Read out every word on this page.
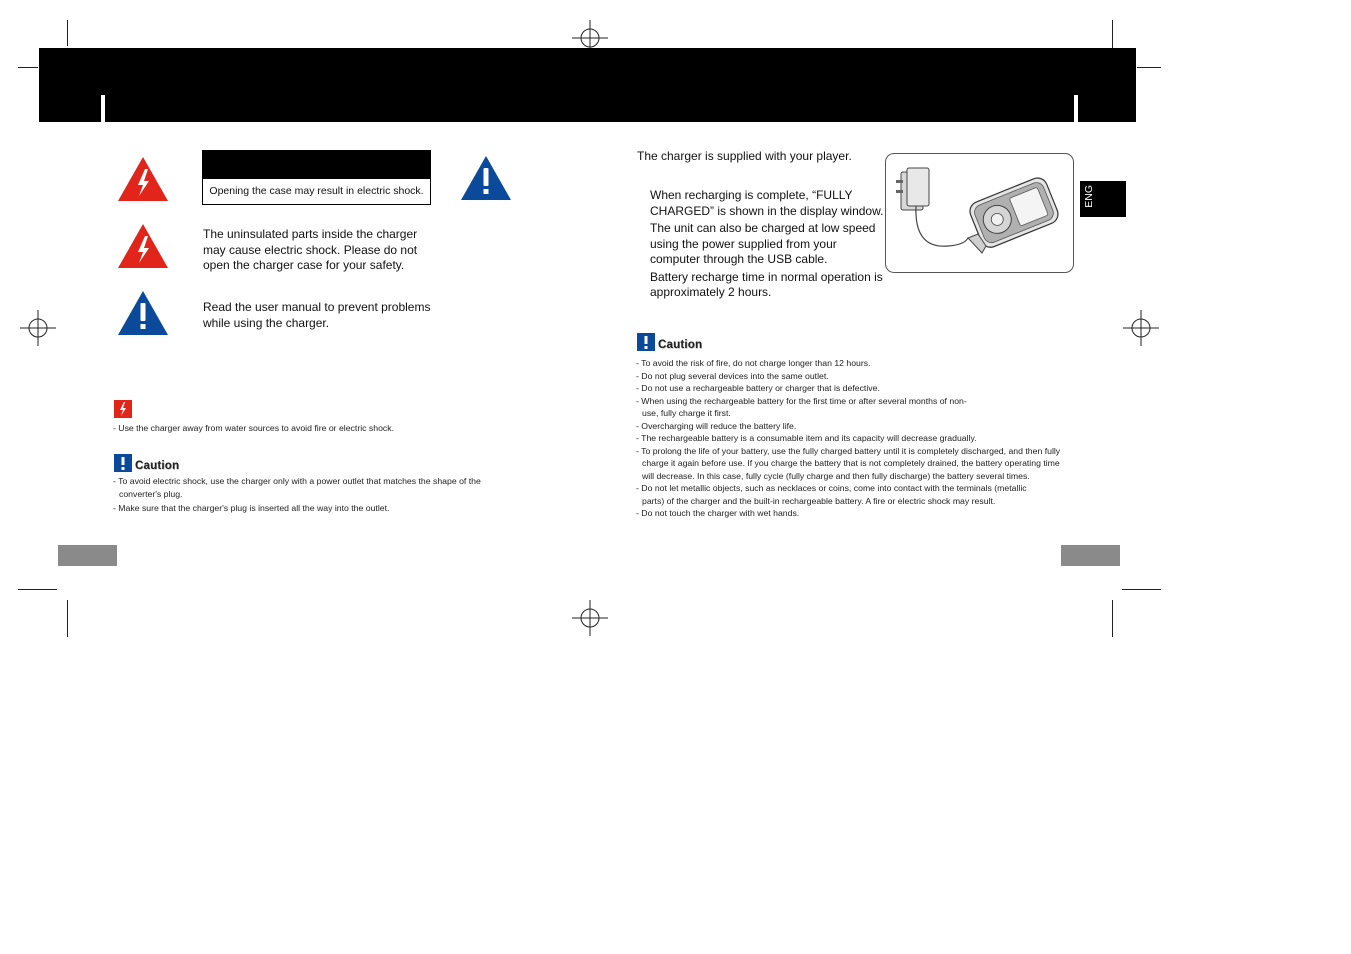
Opening the case may result in electric shock.
The uninsulated parts inside the charger may cause electric shock. Please do not open the charger case for your safety.
Read the user manual to prevent problems while using the charger.
- Use the charger away from water sources to avoid fire or electric shock.
Caution
- To avoid electric shock, use the charger only with a power outlet that matches the shape of the converter's plug.
- Make sure that the charger's plug is inserted all the way into the outlet.
The charger is supplied with your player.
When recharging is complete, “FULLY CHARGED” is shown in the display window.
The unit can also be charged at low speed using the power supplied from your computer through the USB cable.
Battery recharge time in normal operation is approximately 2 hours.
ENG
Caution
- To avoid the risk of fire, do not charge longer than 12 hours.
- Do not plug several devices into the same outlet.
- Do not use a rechargeable battery or charger that is defective.
- When using the rechargeable battery for the first time or after several months of non-use, fully charge it first.
- Overcharging will reduce the battery life.
- The rechargeable battery is a consumable item and its capacity will decrease gradually.
- To prolong the life of your battery, use the fully charged battery until it is completely discharged, and then fully charge it again before use. If you charge the battery that is not completely drained, the battery operating time will decrease. In this case, fully cycle (fully charge and then fully discharge) the battery several times.
- Do not let metallic objects, such as necklaces or coins, come into contact with the terminals (metallic parts) of the charger and the built-in rechargeable battery. A fire or electric shock may result.
- Do not touch the charger with wet hands.
